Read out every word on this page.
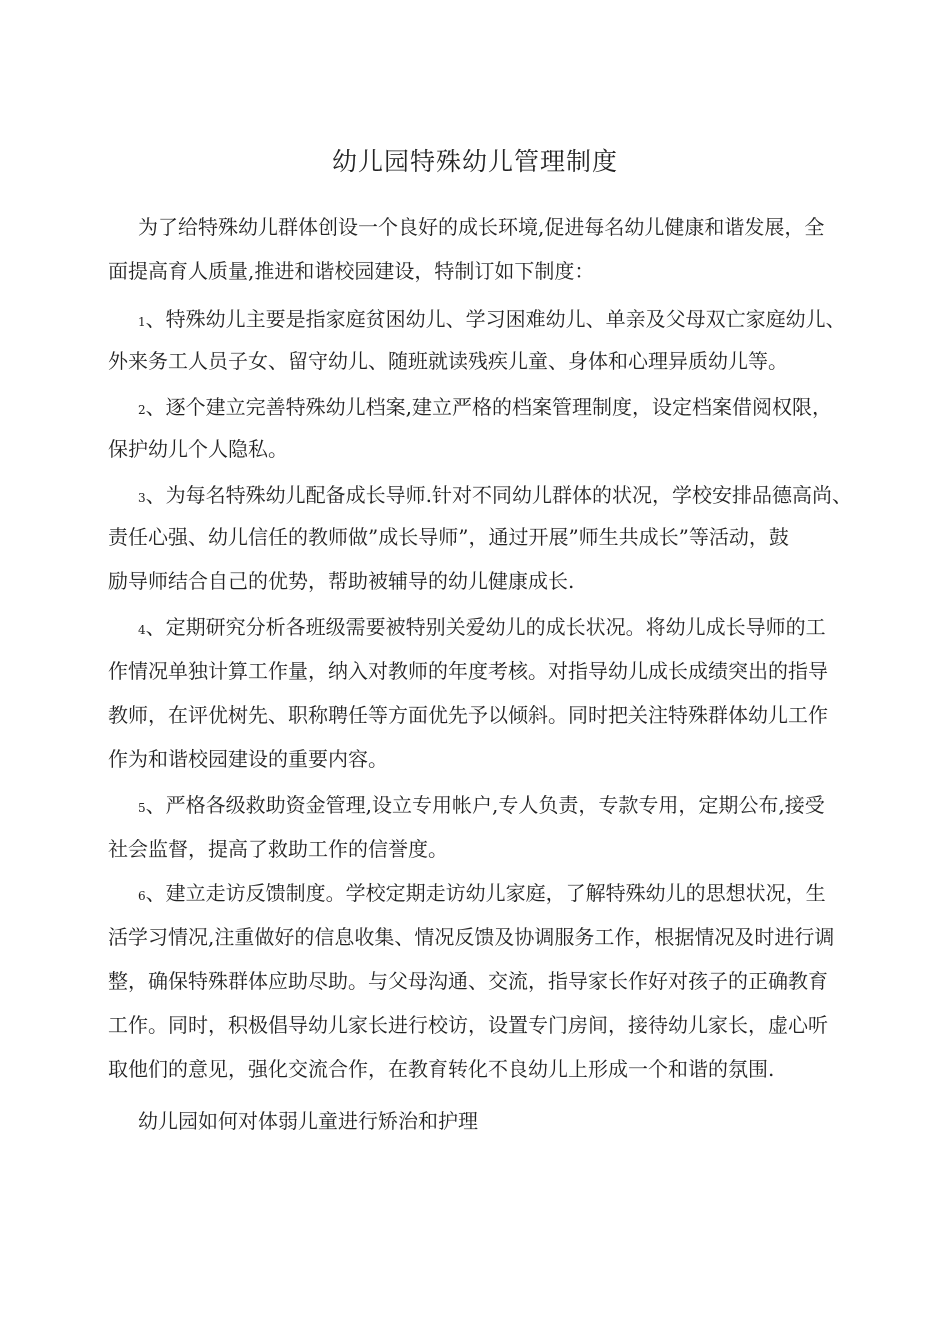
幼儿园特殊幼儿管理制度

为了给特殊幼儿群体创设一个良好的成长环境,促进每名幼儿健康和谐发展，全

面提高育人质量,推进和谐校园建设，特制订如下制度：

1、特殊幼儿主要是指家庭贫困幼儿、学习困难幼儿、单亲及父母双亡家庭幼儿、

外来务工人员子女、留守幼儿、随班就读残疾儿童、身体和心理异质幼儿等。

2、逐个建立完善特殊幼儿档案,建立严格的档案管理制度，设定档案借阅权限，

保护幼儿个人隐私。

3、为每名特殊幼儿配备成长导师.针对不同幼儿群体的状况，学校安排品德高尚、

责任心强、幼儿信任的教师做”成长导师”，通过开展”师生共成长”等活动，鼓

励导师结合自己的优势，帮助被辅导的幼儿健康成长.

4、定期研究分析各班级需要被特别关爱幼儿的成长状况。将幼儿成长导师的工

作情况单独计算工作量，纳入对教师的年度考核。对指导幼儿成长成绩突出的指导

教师，在评优树先、职称聘任等方面优先予以倾斜。同时把关注特殊群体幼儿工作

作为和谐校园建设的重要内容。

5、严格各级救助资金管理,设立专用帐户,专人负责，专款专用，定期公布,接受

社会监督，提高了救助工作的信誉度。

6、建立走访反馈制度。学校定期走访幼儿家庭，了解特殊幼儿的思想状况，生

活学习情况,注重做好的信息收集、情况反馈及协调服务工作，根据情况及时进行调

整，确保特殊群体应助尽助。与父母沟通、交流，指导家长作好对孩子的正确教育

工作。同时，积极倡导幼儿家长进行校访，设置专门房间，接待幼儿家长，虚心听

取他们的意见，强化交流合作，在教育转化不良幼儿上形成一个和谐的氛围.

幼儿园如何对体弱儿童进行矫治和护理
